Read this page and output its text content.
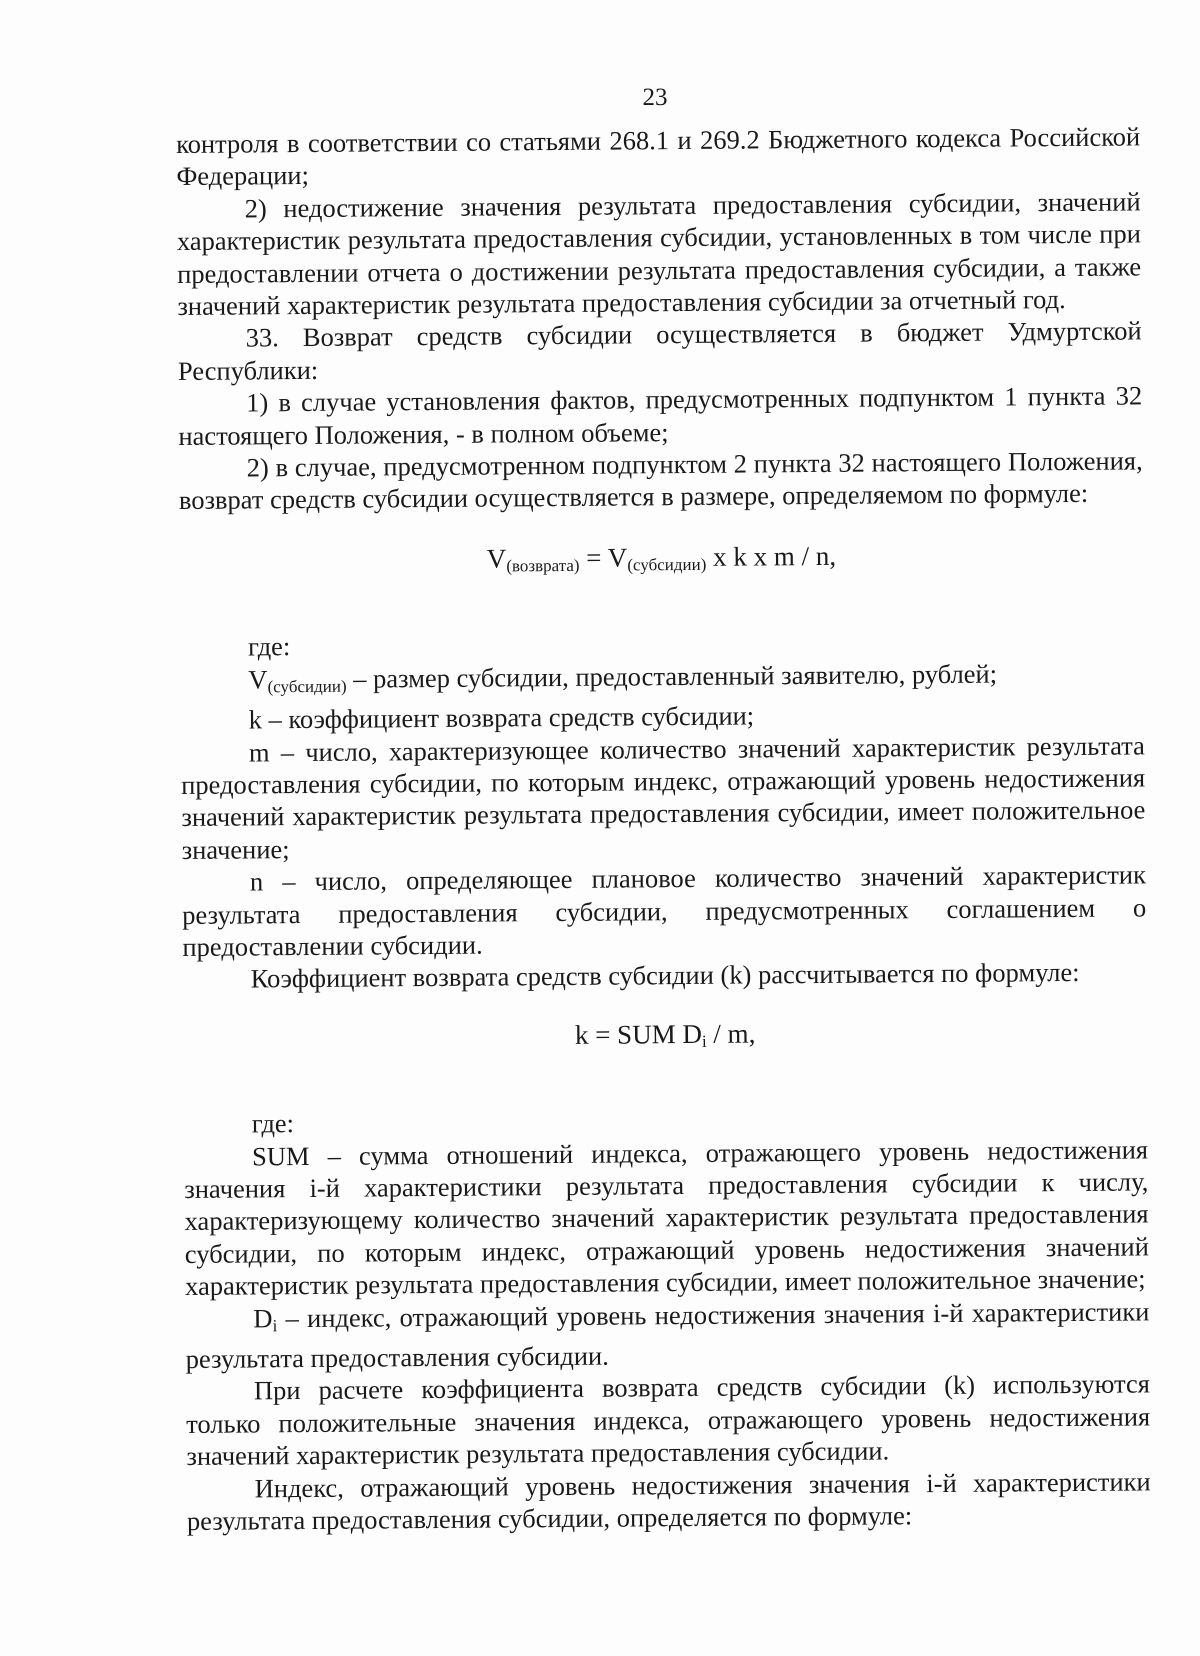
23

контроля в соответствии со статьями 268.1 и 269.2 Бюджетного кодекса Российской Федерации;

2) недостижение значения результата предоставления субсидии, значений характеристик результата предоставления субсидии, установленных в том числе при предоставлении отчета о достижении результата предоставления субсидии, а также значений характеристик результата предоставления субсидии за отчетный год.

33. Возврат средств субсидии осуществляется в бюджет Удмуртской Республики:

1) в случае установления фактов, предусмотренных подпунктом 1 пункта 32 настоящего Положения, - в полном объеме;

2) в случае, предусмотренном подпунктом 2 пункта 32 настоящего Положения, возврат средств субсидии осуществляется в размере, определяемом по формуле:

$V_{(возврата)} = V_{(субсидии)}$ x k x m / n,

где:

$V_{(субсидии)}$ – размер субсидии, предоставленный заявителю, рублей;

k – коэффициент возврата средств субсидии;

m – число, характеризующее количество значений характеристик результата предоставления субсидии, по которым индекс, отражающий уровень недостижения значений характеристик результата предоставления субсидии, имеет положительное значение;

n – число, определяющее плановое количество значений характеристик результата предоставления субсидии, предусмотренных соглашением о предоставлении субсидии.

Коэффициент возврата средств субсидии (k) рассчитывается по формуле:

k = SUM $D_i$ / m,

где:

SUM – сумма отношений индекса, отражающего уровень недостижения значения i-й характеристики результата предоставления субсидии к числу, характеризующему количество значений характеристик результата предоставления субсидии, по которым индекс, отражающий уровень недостижения значений характеристик результата предоставления субсидии, имеет положительное значение;

$D_i$ – индекс, отражающий уровень недостижения значения i-й характеристики результата предоставления субсидии.

При расчете коэффициента возврата средств субсидии (k) используются только положительные значения индекса, отражающего уровень недостижения значений характеристик результата предоставления субсидии.

Индекс, отражающий уровень недостижения значения i-й характеристики результата предоставления субсидии, определяется по формуле:
